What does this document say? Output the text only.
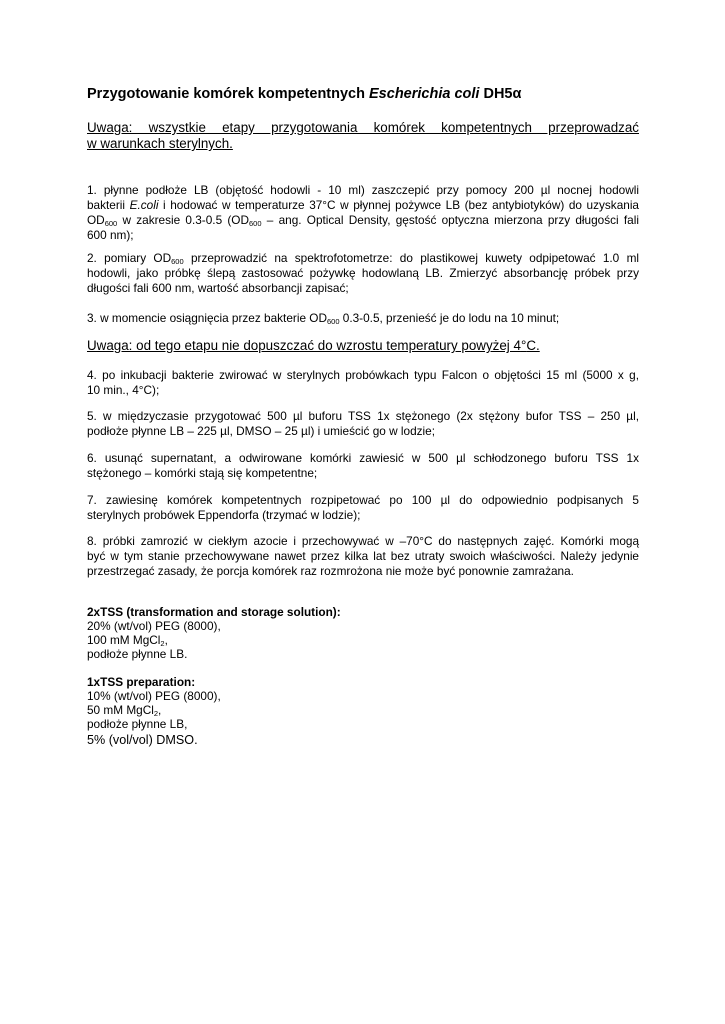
Przygotowanie komórek kompetentnych Escherichia coli DH5α
Uwaga: wszystkie etapy przygotowania komórek kompetentnych przeprowadzać
w warunkach sterylnych.
1. płynne podłoże LB (objętość hodowli - 10 ml) zaszczepić przy pomocy 200 µl nocnej hodowli
bakterii E.coli i hodować w temperaturze 37°C w płynnej pożywce LB (bez antybiotyków) do uzyskania
$OD_{600}$ w zakresie 0.3-0.5 ($OD_{600}$ – ang. Optical Density, gęstość optyczna mierzona przy długości fali
600 nm);
2. pomiary $OD_{600}$ przeprowadzić na spektrofotometrze: do plastikowej kuwety odpipetować 1.0 ml
hodowli, jako próbkę ślepą zastosować pożywkę hodowlaną LB. Zmierzyć absorbancję próbek przy
długości fali 600 nm, wartość absorbancji zapisać;
3. w momencie osiągnięcia przez bakterie $OD_{600}$ 0.3-0.5, przenieść je do lodu na 10 minut;
Uwaga: od tego etapu nie dopuszczać do wzrostu temperatury powyżej 4°C.
4. po inkubacji bakterie zwirować w sterylnych probówkach typu Falcon o objętości 15 ml (5000 x g,
10 min., 4°C);
5. w międzyczasie przygotować 500 µl buforu TSS 1x stężonego (2x stężony bufor TSS – 250 µl,
podłoże płynne LB – 225 µl, DMSO – 25 µl) i umieścić go w lodzie;
6. usunąć supernatant, a odwirowane komórki zawiesić w 500 µl schłodzonego buforu TSS 1x
stężonego – komórki stają się kompetentne;
7. zawiesinę komórek kompetentnych rozpipetować po 100 µl do odpowiednio podpisanych 5
sterylnych probówek Eppendorfa (trzymać w lodzie);
8. próbki zamrozić w ciekłym azocie i przechowywać w –70°C do następnych zajęć. Komórki mogą
być w tym stanie przechowywane nawet przez kilka lat bez utraty swoich właściwości. Należy jedynie
przestrzegać zasady, że porcja komórek raz rozmrożona nie może być ponownie zamrażana.
2xTSS (transformation and storage solution):
20% (wt/vol) PEG (8000),
100 mM MgCl$_2$,
podłoże płynne LB.
1xTSS preparation:
10% (wt/vol) PEG (8000),
50 mM MgCl$_2$,
podłoże płynne LB,
5% (vol/vol) DMSO.
